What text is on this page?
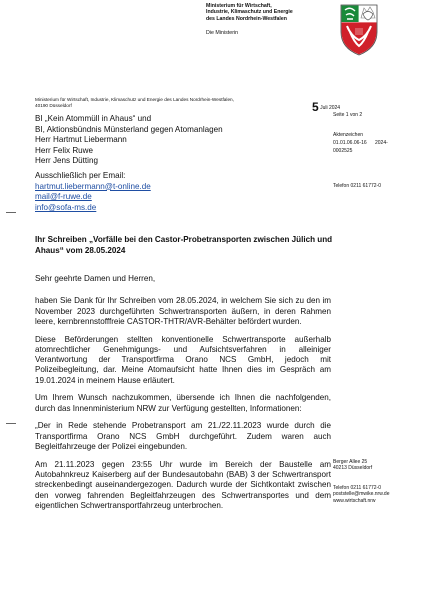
Ministerium für Wirtschaft,
Industrie, Klimaschutz und Energie
des Landes Nordrhein-Westfalen
Die Ministerin
Ministerium für Wirtschaft, Industrie, Klimaschutz und Energie des Landes Nordrhein-Westfalen, 40190 Düsseldorf
BI „Kein Atommüll in Ahaus“ und
BI, Aktionsbündnis Münsterland gegen Atomanlagen
Herr Hartmut Liebermann
Herr Felix Ruwe
Herr Jens Dütting
Ausschließlich per Email:
hartmut.liebermann@t-online.de
mail@f-ruwe.de
info@sofa-ms.de
5 Juli 2024
Seite 1 von 2
Aktenzeichen
01.01.06.06-16      2024-
0002525
Telefon 0211 61772-0
Ihr Schreiben „Vorfälle bei den Castor-Probetransporten zwischen Jülich und Ahaus“ vom 28.05.2024

Sehr geehrte Damen und Herren,

haben Sie Dank für Ihr Schreiben vom 28.05.2024, in welchem Sie sich zu den im November 2023 durchgeführten Schwertransporten äußern, in deren Rahmen leere, kernbrennstofffreie CASTOR-THTR/AVR-Behälter befördert wurden.

Diese Beförderungen stellten konventionelle Schwertransporte außerhalb atomrechtlicher Genehmigungs- und Aufsichtsverfahren in alleiniger Verantwortung der Transportfirma Orano NCS GmbH, jedoch mit Polizeibegleitung, dar. Meine Atomaufsicht hatte Ihnen dies im Gespräch am 19.01.2024 in meinem Hause erläutert.

Um Ihrem Wunsch nachzukommen, übersende ich Ihnen die nachfolgenden, durch das Innenministerium NRW zur Verfügung gestellten, Informationen:

„Der in Rede stehende Probetransport am 21./22.11.2023 wurde durch die Transportfirma Orano NCS GmbH durchgeführt. Zudem waren auch Begleitfahrzeuge der Polizei eingebunden.

Am 21.11.2023 gegen 23:55 Uhr wurde im Bereich der Baustelle am Autobahnkreuz Kaiserberg auf der Bundesautobahn (BAB) 3 der Schwertransport streckenbedingt auseinandergezogen. Dadurch wurde der Sichtkontakt zwischen den vorweg fahrenden Begleitfahrzeugen des Schwertransportes und dem eigentlichen Schwertransportfahrzeug unterbrochen.

Berger Allee 25
40213 Düsseldorf
Telefon 0211 61772-0
poststelle@mwike.nrw.de
www.wirtschaft.nrw
